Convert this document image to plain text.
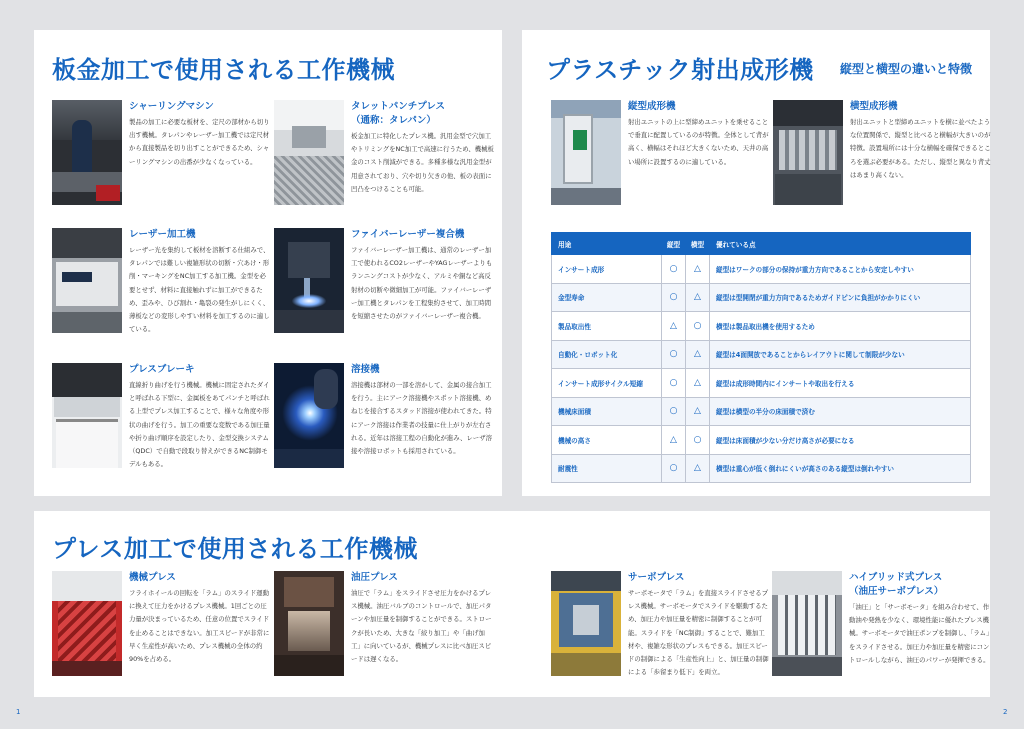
板金加工で使用される工作機械
シャーリングマシン

製品の加工に必要な板材を、定尺の部材から切り出す機械。タレパンやレーザー加工機では定尺材から直接製品を切り出すことができるため、シャーリングマシンの出番が少なくなっている。

タレットパンチプレス
（通称：タレパン）

板金加工に特化したプレス機。汎用金型で穴加工やトリミングをNC加工で高速に行うため、機械板金のコスト削減ができる。多種多様な汎用金型が用意されており、穴や切り欠きの他、板の表面に凹凸をつけることも可能。

レーザー加工機

レーザー光を集約して板材を溶断する仕組みで、タレパンでは難しい複雑形状の切断・穴あけ・形削・マーキングをNC加工する加工機。金型を必要とせず、材料に直接触れずに加工ができるため、歪みや、ひび割れ・亀裂の発生がしにくく、薄板などの変形しやすい材料を加工するのに適している。

ファイバーレーザー複合機

ファイバーレーザー加工機は、通常のレーザー加工で使われるCO2レーザーやYAGレーザーよりもランニングコストが少なく、アルミや銅など高反射材の切断や微細加工が可能。ファイバーレーザー加工機とタレパンを工程集約させて、加工時間を短縮させたのがファイバーレーザー複合機。

プレスブレーキ

直線折り曲げを行う機械。機械に固定されたダイと呼ばれる下型に、金属板をあてパンチと呼ばれる上型でプレス加工することで、様々な角度や形状の曲げを行う。加工の重要な変数である加圧量や折り曲げ順序を設定したり、金型交換システム（QDC）で自動で段取り替えができるNC制御モデルもある。

溶接機

溶接機は部材の一部を溶かして、金属の接合加工を行う。主にアーク溶接機やスポット溶接機、めねじを接合するスタッド溶接が使われてきた。特にアーク溶接は作業者の技量に仕上がりが左右される。近年は溶接工程の自動化が進み、レーザ溶接や溶接ロボットも採用されている。

プラスチック射出成形機 縦型と横型の違いと特徴
縦型成形機

射出ユニットの上に型締めユニットを乗せることで垂直に配置しているのが特徴。全体として背が高く、横幅はそれほど大きくないため、天井の高い場所に設置するのに適している。

横型成形機

射出ユニットと型締めユニットを横に並べたような位置関係で、縦型と比べると横幅が大きいのが特徴。設置場所には十分な横幅を確保できるところを選ぶ必要がある。ただし、縦型と異なり背丈はあまり高くない。

用途	縦型	横型	優れている点
インサート成形	○	△	縦型はワークの部分の保持が重力方向であることから安定しやすい
金型寿命	○	△	縦型は型開閉が重力方向であるためガイドピンに負担がかかりにくい
製品取出性	△	○	横型は製品取出機を使用するため
自動化・ロボット化	○	△	縦型は4面開放であることからレイアウトに関して制限が少ない
インサート成形サイクル短縮	○	△	縦型は成形時間内にインサートや取出を行える
機械床面積	○	△	縦型は横型の半分の床面積で済む
機械の高さ	△	○	縦型は床面積が少ない分だけ高さが必要になる
耐震性	○	△	横型は重心が低く倒れにくいが高さのある縦型は倒れやすい
プレス加工で使用される工作機械
機械プレス

フライホイールの回転を「ラム」のスライド運動に換えて圧力をかけるプレス機械。1回ごとの圧力量が決まっているため、任意の位置でスライドを止めることはできない。加工スピードが非常に早く生産性が高いため、プレス機械の全体の約90%を占める。

油圧プレス

油圧で「ラム」をスライドさせ圧力をかけるプレス機械。油圧バルブのコントロールで、加圧パターンや加圧量を制御することができる。ストロークが長いため、大きな「絞り加工」や「曲げ加工」に向いているが、機械プレスに比べ加圧スピードは遅くなる。

サーボプレス

サーボモータで「ラム」を直接スライドさせるプレス機械。サーボモータでスライドを駆動するため、加圧力や加圧量を精密に制御することが可能。スライドを「NC制御」することで、難加工材や、複雑な形状のプレスもできる。加圧スピードの制御による「生産性向上」と、加圧量の制御による「歩留まり低下」を両立。

ハイブリッド式プレス
（油圧サーボプレス）

「油圧」と「サーボモータ」を組み合わせて、作動油や発熱を少なく、環境性能に優れたプレス機械。サーボモータで油圧ポンプを制御し、「ラム」をスライドさせる。加圧力や加圧量を精密にコントロールしながら、油圧のパワーが発揮できる。

1	2
